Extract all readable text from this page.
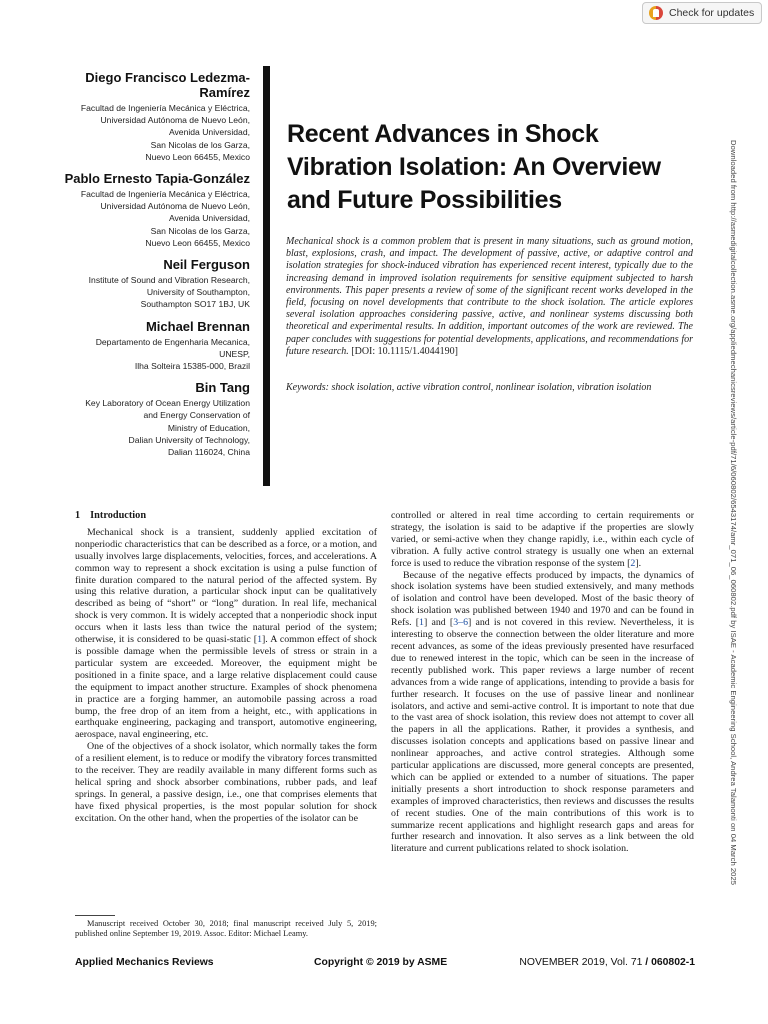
Check for updates
Diego Francisco Ledezma-Ramírez
Facultad de Ingeniería Mecánica y Eléctrica,
Universidad Autónoma de Nuevo León,
Avenida Universidad,
San Nicolas de los Garza,
Nuevo Leon 66455, Mexico
Pablo Ernesto Tapia-González
Facultad de Ingeniería Mecánica y Eléctrica,
Universidad Autónoma de Nuevo León,
Avenida Universidad,
San Nicolas de los Garza,
Nuevo Leon 66455, Mexico
Neil Ferguson
Institute of Sound and Vibration Research,
University of Southampton,
Southampton SO17 1BJ, UK
Michael Brennan
Departamento de Engenharia Mecanica,
UNESP,
Ilha Solteira 15385-000, Brazil
Bin Tang
Key Laboratory of Ocean Energy Utilization
and Energy Conservation of
Ministry of Education,
Dalian University of Technology,
Dalian 116024, China
Recent Advances in Shock Vibration Isolation: An Overview and Future Possibilities
Mechanical shock is a common problem that is present in many situations, such as ground motion, blast, explosions, crash, and impact. The development of passive, active, or adaptive control and isolation strategies for shock-induced vibration has experienced recent interest, typically due to the increasing demand in improved isolation requirements for sensitive equipment subjected to harsh environments. This paper presents a review of some of the significant recent works developed in the field, focusing on novel developments that contribute to the shock isolation. The article explores several isolation approaches considering passive, active, and nonlinear systems discussing both theoretical and experimental results. In addition, important outcomes of the work are reviewed. The paper concludes with suggestions for potential developments, applications, and recommendations for future research. [DOI: 10.1115/1.4044190]
Keywords: shock isolation, active vibration control, nonlinear isolation, vibration isolation	Downloaded from http://asmedigitalcollection.asme.org/appliedmechanicsreviews/article-pdf/71/6/060802/6543174/amr_071_06_060802.pdf by ISAE - Academic Engineering School, Andrea Talamonti on 04 March 2025
1 Introduction

Mechanical shock is a transient, suddenly applied excitation of nonperiodic characteristics that can be described as a force, or a motion, and usually involves large displacements, velocities, forces, and accelerations. A common way to represent a shock excitation is using a pulse function of finite duration compared to the natural period of the affected system. By using this relative duration, a particular shock input can be qualitatively described as being of “short” or “long” duration. In real life, mechanical shock is very common. It is widely accepted that a nonperiodic shock input occurs when it lasts less than twice the natural period of the system; otherwise, it is considered to be quasi-static [1]. A common effect of shock is possible damage when the permissible levels of stress or strain in a particular system are exceeded. Moreover, the equipment might be positioned in a finite space, and a large relative displacement could cause the equipment to impact another structure. Examples of shock phenomena in practice are a forging hammer, an automobile passing across a road bump, the free drop of an item from a height, etc., with applications in earthquake engineering, packaging and transport, automotive engineering, aerospace, naval engineering, etc.

One of the objectives of a shock isolator, which normally takes the form of a resilient element, is to reduce or modify the vibratory forces transmitted to the receiver. They are readily available in many different forms such as helical spring and shock absorber combinations, rubber pads, and leaf springs. In general, a passive design, i.e., one that comprises elements that have fixed physical properties, is the most popular solution for shock excitation. On the other hand, when the properties of the isolator can be

controlled or altered in real time according to certain requirements or strategy, the isolation is said to be adaptive if the properties are slowly varied, or semi-active when they change rapidly, i.e., within each cycle of vibration. A fully active control strategy is usually one when an external force is used to reduce the vibration response of the system [2].

Because of the negative effects produced by impacts, the dynamics of shock isolation systems have been studied extensively, and many methods of isolation and control have been developed. Most of the basic theory of shock isolation was published between 1940 and 1970 and can be found in Refs. [1] and [3–6] and is not covered in this review. Nevertheless, it is interesting to observe the connection between the older literature and more recent advances, as some of the ideas previously presented have resurfaced due to renewed interest in the topic, which can be seen in the increase of recently published work. This paper reviews a large number of recent advances from a wide range of applications, intending to provide a basis for further research. It focuses on the use of passive linear and nonlinear isolators, and active and semi-active control. It is important to note that due to the vast area of shock isolation, this review does not attempt to cover all the papers in all the applications. Rather, it provides a synthesis, and discusses isolation concepts and applications based on passive linear and nonlinear approaches, and active control strategies. Although some particular applications are discussed, more general concepts are presented, which can be applied or extended to a number of situations. The paper initially presents a short introduction to shock response parameters and examples of improved characteristics, then reviews and discusses the results of recent studies. One of the main contributions of this work is to summarize recent applications and highlight research gaps and areas for further research and innovation. It also serves as a link between the old literature and current publications related to shock isolation.

Manuscript received October 30, 2018; final manuscript received July 5, 2019; published online September 19, 2019. Assoc. Editor: Michael Leamy.

Applied Mechanics Reviews	Copyright © 2019 by ASME	NOVEMBER 2019, Vol. 71 / 060802-1
